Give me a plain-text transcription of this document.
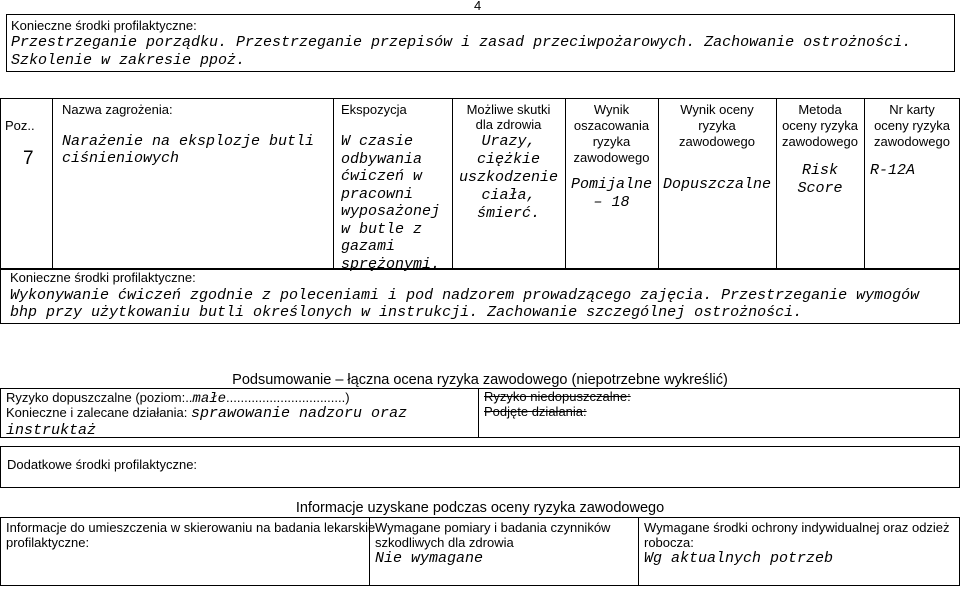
4
Konieczne środki profilaktyczne:
Przestrzeganie porządku. Przestrzeganie przepisów i zasad przeciwpożarowych. Zachowanie ostrożności.
Szkolenie w zakresie ppoż.
Poz..
7
Nazwa zagrożenia:
Narażenie na eksplozje butli
ciśnieniowych
Ekspozycja
W czasie
odbywania
ćwiczeń w
pracowni
wyposażonej
w butle z
gazami
sprężonymi.
Możliwe skutki
dla zdrowia
Urazy,
ciężkie
uszkodzenie
ciała,
śmierć.
Wynik
oszacowania
ryzyka
zawodowego
Pomijalne
– 18
Wynik oceny
ryzyka
zawodowego
Dopuszczalne
Metoda
oceny ryzyka
zawodowego
Risk
Score
Nr karty
oceny ryzyka
zawodowego
R-12A
Konieczne środki profilaktyczne:
Wykonywanie ćwiczeń zgodnie z poleceniami i pod nadzorem prowadzącego zajęcia. Przestrzeganie wymogów
bhp przy użytkowaniu butli określonych w instrukcji. Zachowanie szczególnej ostrożności.
Podsumowanie – łączna ocena ryzyka zawodowego (niepotrzebne wykreślić)
Ryzyko dopuszczalne (poziom:..małe.................................)
Konieczne i zalecane działania: sprawowanie nadzoru oraz
instruktaż
Ryzyko niedopuszczalne:
Podjęte działania:
Dodatkowe środki profilaktyczne:
Informacje uzyskane podczas oceny ryzyka zawodowego
Informacje do umieszczenia w skierowaniu na badania lekarskie
profilaktyczne:
Wymagane pomiary i badania czynników
szkodliwych dla zdrowia
Nie wymagane
Wymagane środki ochrony indywidualnej oraz odzież
robocza:
Wg aktualnych potrzeb
